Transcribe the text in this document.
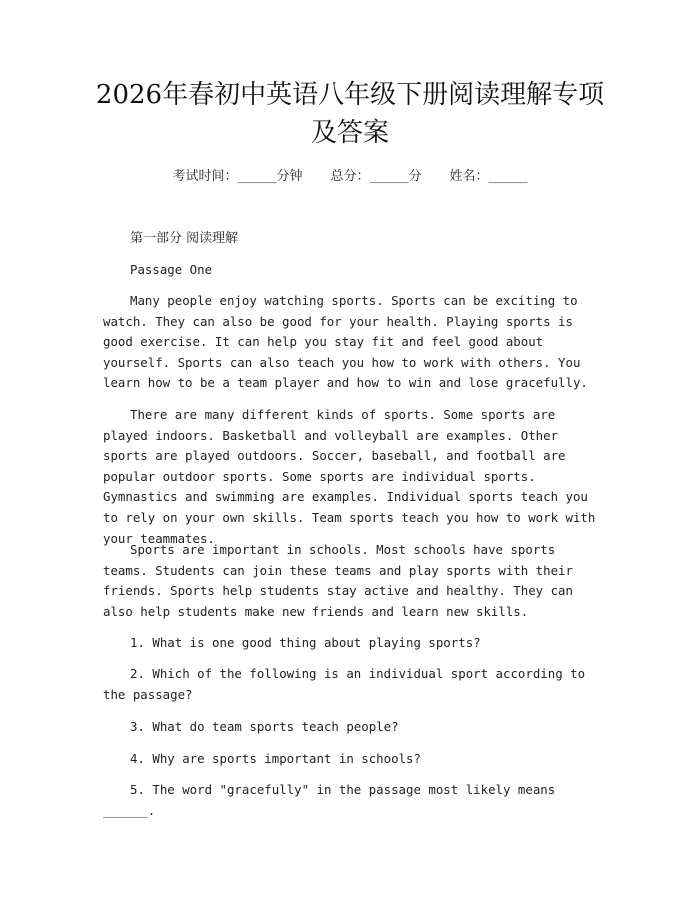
2026年春初中英语八年级下册阅读理解专项
及答案
考试时间：______分钟 总分：______分 姓名：______
第一部分 阅读理解
Passage One
Many people enjoy watching sports. Sports can be exciting to watch. They can also be good for your health. Playing sports is good exercise. It can help you stay fit and feel good about yourself. Sports can also teach you how to work with others. You learn how to be a team player and how to win and lose gracefully.
There are many different kinds of sports. Some sports are played indoors. Basketball and volleyball are examples. Other sports are played outdoors. Soccer, baseball, and football are popular outdoor sports. Some sports are individual sports. Gymnastics and swimming are examples. Individual sports teach you to rely on your own skills. Team sports teach you how to work with your teammates.
Sports are important in schools. Most schools have sports teams. Students can join these teams and play sports with their friends. Sports help students stay active and healthy. They can also help students make new friends and learn new skills.
1. What is one good thing about playing sports?
2. Which of the following is an individual sport according to the passage?
3. What do team sports teach people?
4. Why are sports important in schools?
5. The word "gracefully" in the passage most likely means ______.
